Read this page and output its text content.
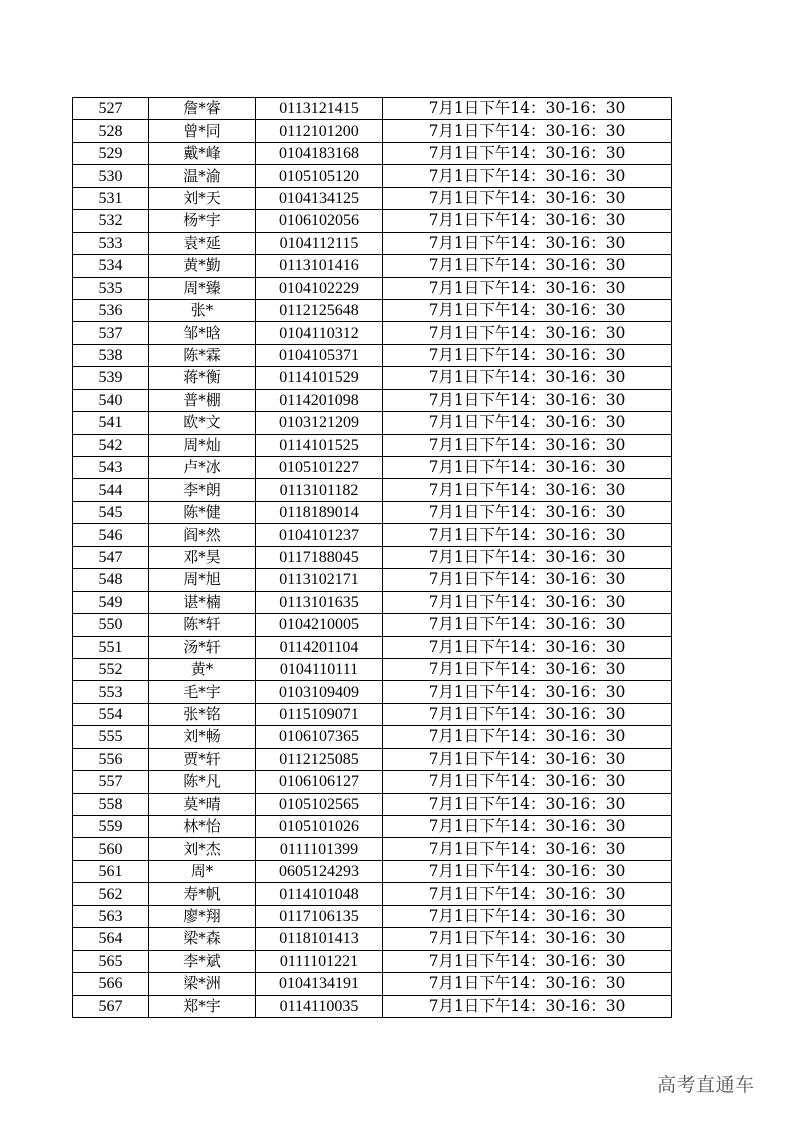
527	詹*睿	0113121415	7月1日下午14：30-16：30
528	曾*同	0112101200	7月1日下午14：30-16：30
529	戴*峰	0104183168	7月1日下午14：30-16：30
530	温*渝	0105105120	7月1日下午14：30-16：30
531	刘*天	0104134125	7月1日下午14：30-16：30
532	杨*宇	0106102056	7月1日下午14：30-16：30
533	袁*延	0104112115	7月1日下午14：30-16：30
534	黄*勤	0113101416	7月1日下午14：30-16：30
535	周*臻	0104102229	7月1日下午14：30-16：30
536	张*	0112125648	7月1日下午14：30-16：30
537	邹*晗	0104110312	7月1日下午14：30-16：30
538	陈*霖	0104105371	7月1日下午14：30-16：30
539	蒋*衡	0114101529	7月1日下午14：30-16：30
540	普*棚	0114201098	7月1日下午14：30-16：30
541	欧*文	0103121209	7月1日下午14：30-16：30
542	周*灿	0114101525	7月1日下午14：30-16：30
543	卢*冰	0105101227	7月1日下午14：30-16：30
544	李*朗	0113101182	7月1日下午14：30-16：30
545	陈*健	0118189014	7月1日下午14：30-16：30
546	阎*然	0104101237	7月1日下午14：30-16：30
547	邓*昊	0117188045	7月1日下午14：30-16：30
548	周*旭	0113102171	7月1日下午14：30-16：30
549	谌*楠	0113101635	7月1日下午14：30-16：30
550	陈*轩	0104210005	7月1日下午14：30-16：30
551	汤*轩	0114201104	7月1日下午14：30-16：30
552	黄*	0104110111	7月1日下午14：30-16：30
553	毛*宇	0103109409	7月1日下午14：30-16：30
554	张*铭	0115109071	7月1日下午14：30-16：30
555	刘*畅	0106107365	7月1日下午14：30-16：30
556	贾*轩	0112125085	7月1日下午14：30-16：30
557	陈*凡	0106106127	7月1日下午14：30-16：30
558	莫*晴	0105102565	7月1日下午14：30-16：30
559	林*怡	0105101026	7月1日下午14：30-16：30
560	刘*杰	0111101399	7月1日下午14：30-16：30
561	周*	0605124293	7月1日下午14：30-16：30
562	寿*帆	0114101048	7月1日下午14：30-16：30
563	廖*翔	0117106135	7月1日下午14：30-16：30
564	梁*森	0118101413	7月1日下午14：30-16：30
565	李*斌	0111101221	7月1日下午14：30-16：30
566	梁*洲	0104134191	7月1日下午14：30-16：30
567	郑*宇	0114110035	7月1日下午14：30-16：30
高考直通车
